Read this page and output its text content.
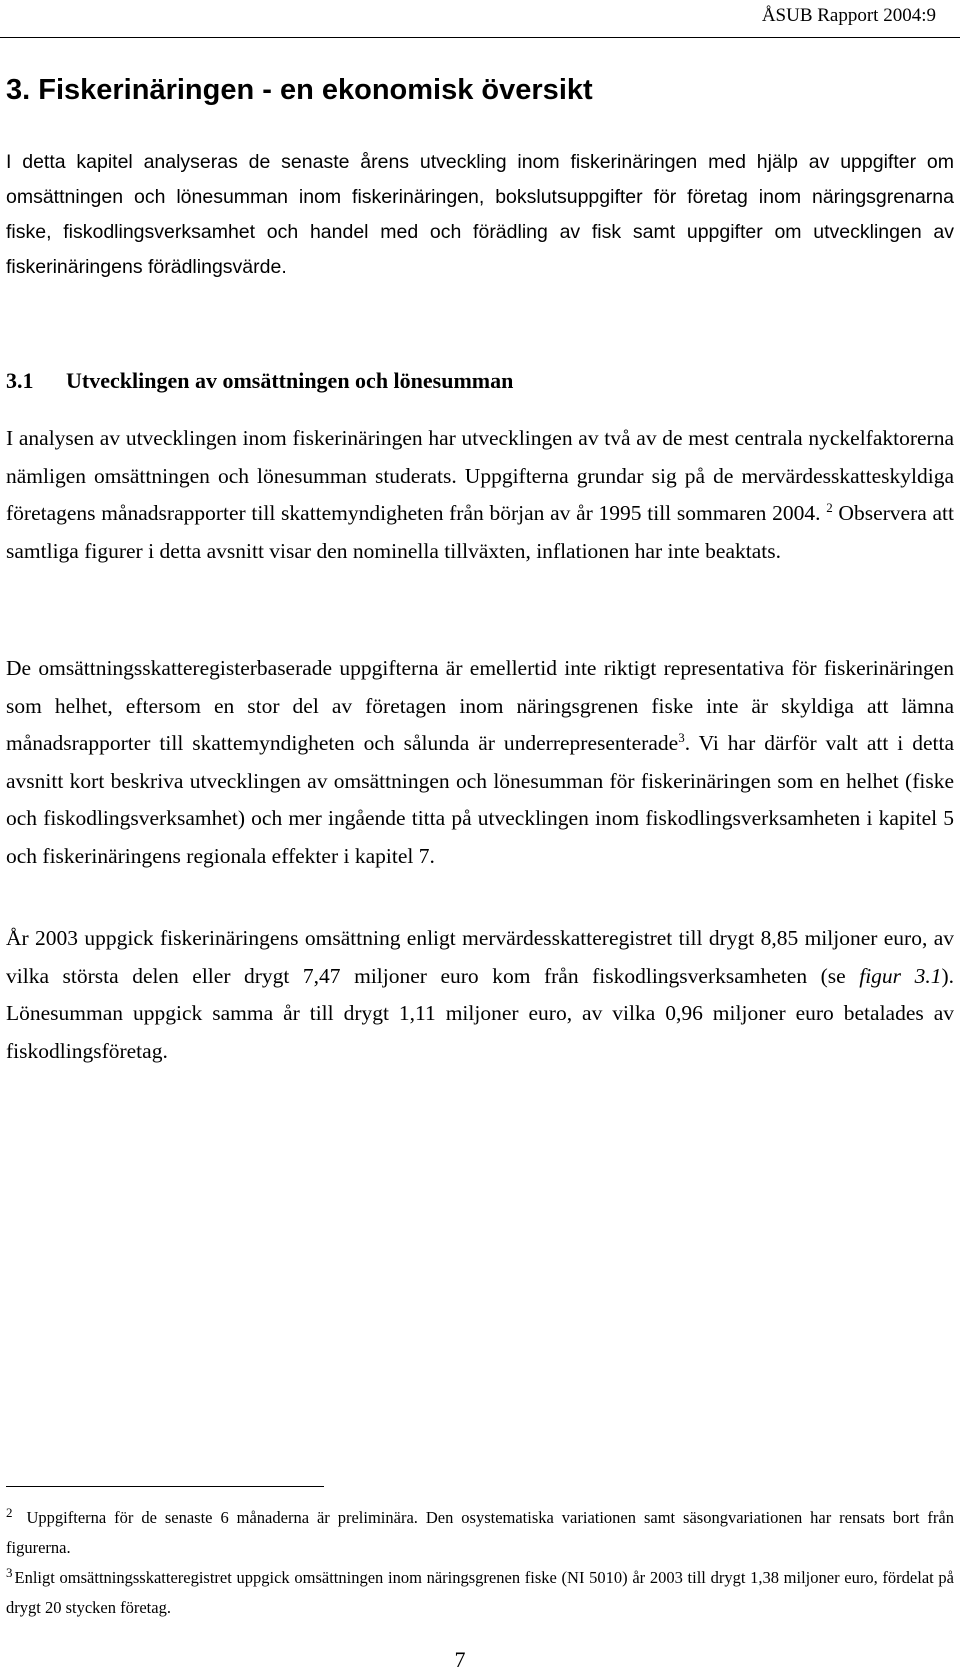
ÅSUB Rapport 2004:9
3. Fiskerinäringen - en ekonomisk översikt

I detta kapitel analyseras de senaste årens utveckling inom fiskerinäringen med hjälp av uppgifter om omsättningen och lönesumman inom fiskerinäringen, bokslutsuppgifter för företag inom näringsgrenarna fiske, fiskodlingsverksamhet och handel med och förädling av fisk samt uppgifter om utvecklingen av fiskerinäringens förädlingsvärde.

3.1 Utvecklingen av omsättningen och lönesumman

I analysen av utvecklingen inom fiskerinäringen har utvecklingen av två av de mest centrala nyckelfaktorerna nämligen omsättningen och lönesumman studerats. Uppgifterna grundar sig på de mervärdesskatteskyldiga företagens månadsrapporter till skattemyndigheten från början av år 1995 till sommaren 2004. $^2$ Observera att samtliga figurer i detta avsnitt visar den nominella tillväxten, inflationen har inte beaktats.

De omsättningsskatteregisterbaserade uppgifterna är emellertid inte riktigt representativa för fiskerinäringen som helhet, eftersom en stor del av företagen inom näringsgrenen fiske inte är skyldiga att lämna månadsrapporter till skattemyndigheten och sålunda är underrepresenterade$^3$. Vi har därför valt att i detta avsnitt kort beskriva utvecklingen av omsättningen och lönesumman för fiskerinäringen som en helhet (fiske och fiskodlingsverksamhet) och mer ingående titta på utvecklingen inom fiskodlingsverksamheten i kapitel 5 och fiskerinäringens regionala effekter i kapitel 7.

År 2003 uppgick fiskerinäringens omsättning enligt mervärdesskatteregistret till drygt 8,85 miljoner euro, av vilka största delen eller drygt 7,47 miljoner euro kom från fiskodlingsverksamheten (se figur 3.1). Lönesumman uppgick samma år till drygt 1,11 miljoner euro, av vilka 0,96 miljoner euro betalades av fiskodlingsföretag.

$^2$ Uppgifterna för de senaste 6 månaderna är preliminära. Den osystematiska variationen samt säsongvariationen har rensats bort från figurerna.

$^3$ Enligt omsättningsskatteregistret uppgick omsättningen inom näringsgrenen fiske (NI 5010) år 2003 till drygt 1,38 miljoner euro, fördelat på drygt 20 stycken företag.

7
